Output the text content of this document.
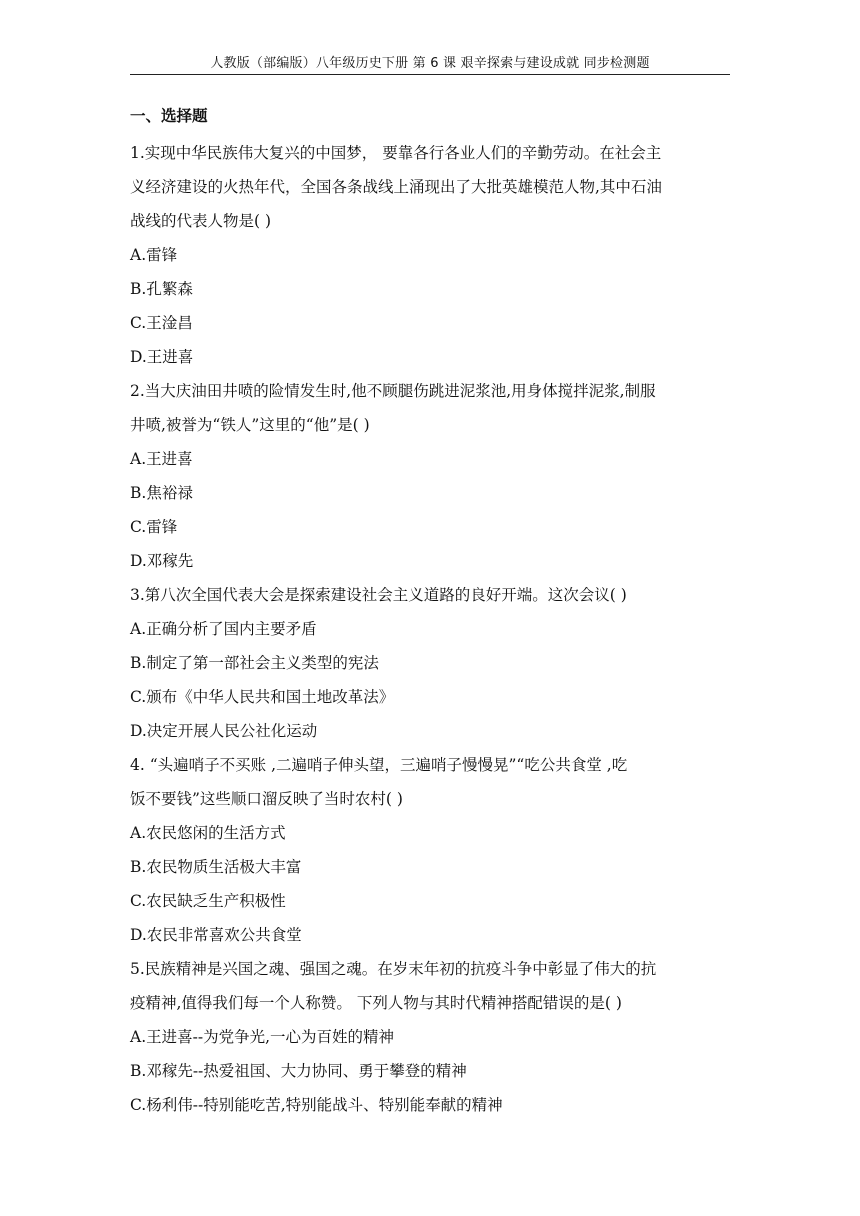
人教版（部编版）八年级历史下册 第 6 课 艰辛探索与建设成就 同步检测题
一、选择题
1.实现中华民族伟大复兴的中国梦， 要靠各行各业人们的辛勤劳动。在社会主
义经济建设的火热年代，全国各条战线上涌现出了大批英雄模范人物,其中石油
战线的代表人物是( )
A.雷锋
B.孔繁森
C.王淦昌
D.王进喜
2.当大庆油田井喷的险情发生时,他不顾腿伤跳进泥浆池,用身体搅拌泥浆,制服
井喷,被誉为“铁人”这里的“他”是( )
A.王进喜
B.焦裕禄
C.雷锋
D.邓稼先
3.第八次全国代表大会是探索建设社会主义道路的良好开端。这次会议( )
A.正确分析了国内主要矛盾
B.制定了第一部社会主义类型的宪法
C.颁布《中华人民共和国土地改革法》
D.决定开展人民公社化运动
4. “头遍哨子不买账 ,二遍哨子伸头望，三遍哨子慢慢晃”“吃公共食堂 ,吃
饭不要钱”这些顺口溜反映了当时农村( )
A.农民悠闲的生活方式
B.农民物质生活极大丰富
C.农民缺乏生产积极性
D.农民非常喜欢公共食堂
5.民族精神是兴国之魂、强国之魂。在岁末年初的抗疫斗争中彰显了伟大的抗
疫精神,值得我们每一个人称赞。 下列人物与其时代精神搭配错误的是( )
A.王进喜--为党争光,一心为百姓的精神
B.邓稼先--热爱祖国、大力协同、勇于攀登的精神
C.杨利伟--特别能吃苦,特别能战斗、特别能奉献的精神
